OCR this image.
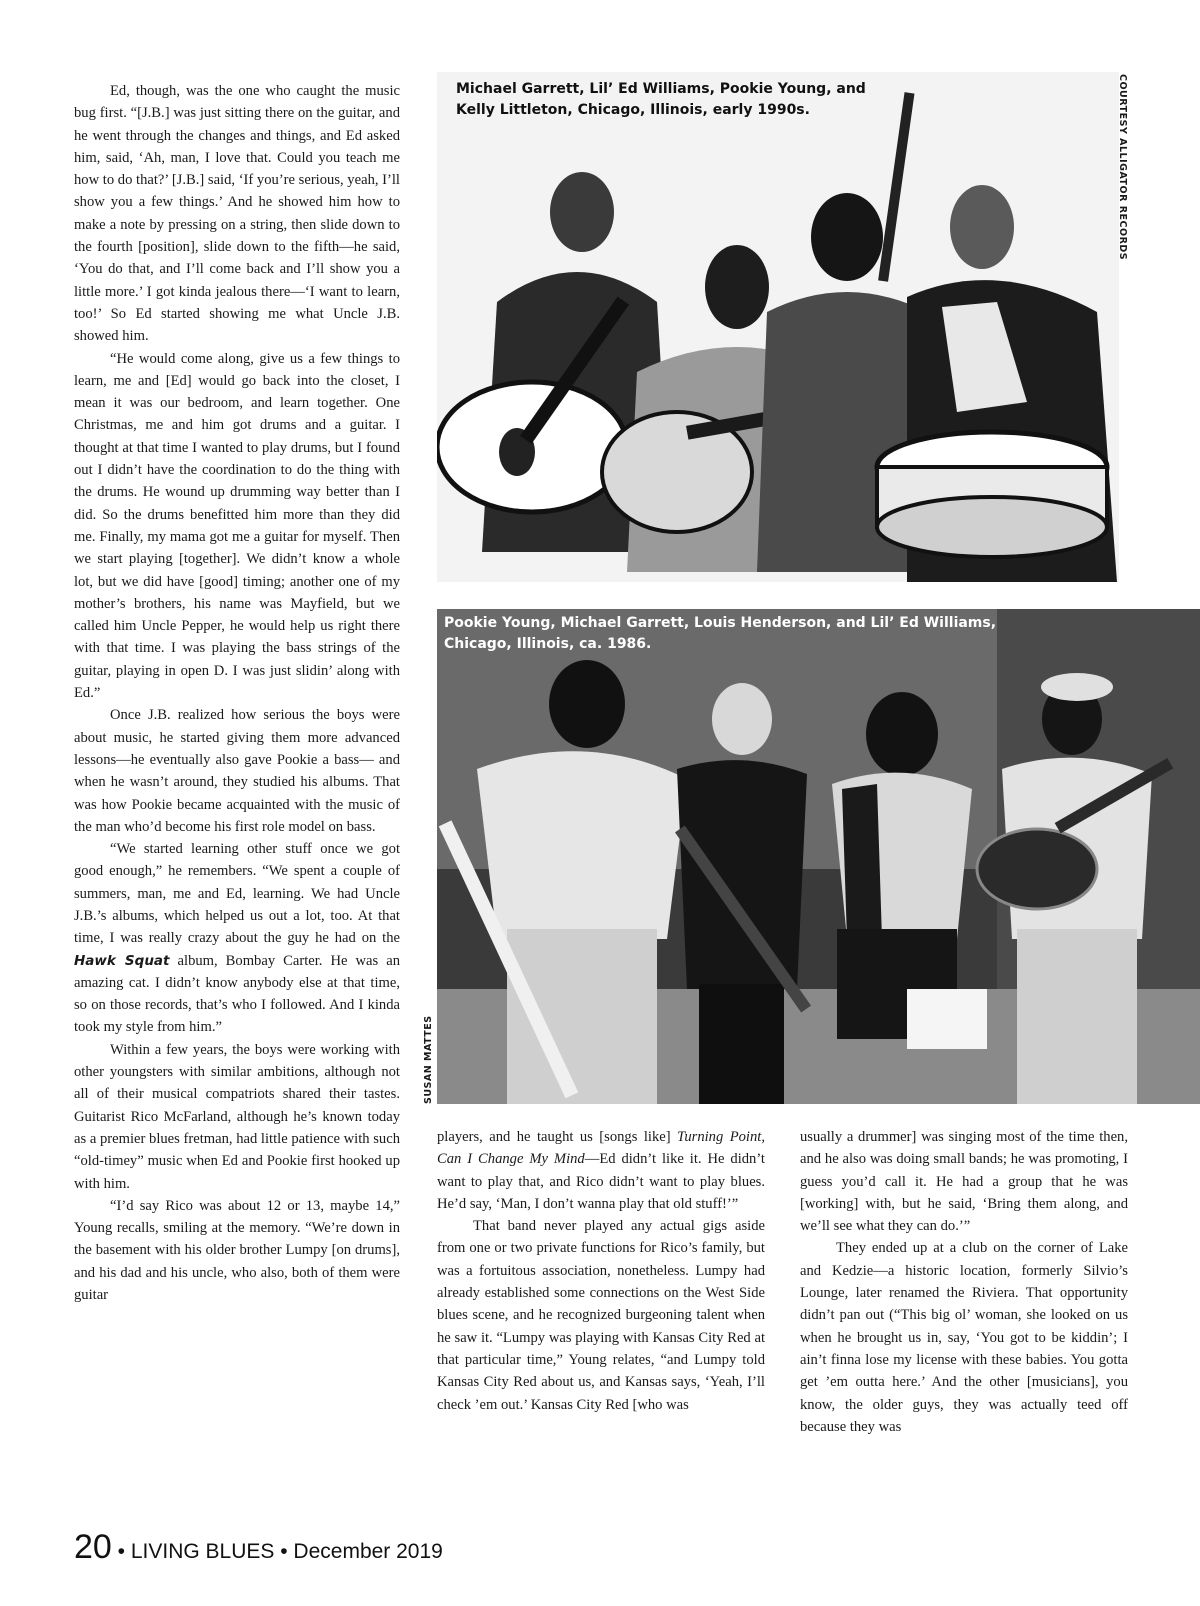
Ed, though, was the one who caught the music bug first. “[J.B.] was just sitting there on the guitar, and he went through the changes and things, and Ed asked him, said, ‘Ah, man, I love that. Could you teach me how to do that?’ [J.B.] said, ‘If you’re serious, yeah, I’ll show you a few things.’ And he showed him how to make a note by pressing on a string, then slide down to the fourth [position], slide down to the fifth—he said, ‘You do that, and I’ll come back and I’ll show you a little more.’ I got kinda jealous there—‘I want to learn, too!’ So Ed started showing me what Uncle J.B. showed him.

“He would come along, give us a few things to learn, me and [Ed] would go back into the closet, I mean it was our bedroom, and learn together. One Christmas, me and him got drums and a guitar. I thought at that time I wanted to play drums, but I found out I didn’t have the coordination to do the thing with the drums. He wound up drumming way better than I did. So the drums benefitted him more than they did me. Finally, my mama got me a guitar for myself. Then we start playing [together]. We didn’t know a whole lot, but we did have [good] timing; another one of my mother’s brothers, his name was Mayfield, but we called him Uncle Pepper, he would help us right there with that time. I was playing the bass strings of the guitar, playing in open D. I was just slidin’ along with Ed.”

Once J.B. realized how serious the boys were about music, he started giving them more advanced lessons—he eventually also gave Pookie a bass— and when he wasn’t around, they studied his albums. That was how Pookie became acquainted with the music of the man who’d become his first role model on bass.

“We started learning other stuff once we got good enough,” he remembers. “We spent a couple of summers, man, me and Ed, learning. We had Uncle J.B.’s albums, which helped us out a lot, too. At that time, I was really crazy about the guy he had on the Hawk Squat album, Bombay Carter. He was an amazing cat. I didn’t know anybody else at that time, so on those records, that’s who I followed. And I kinda took my style from him.”

Within a few years, the boys were working with other youngsters with similar ambitions, although not all of their musical compatriots shared their tastes. Guitarist Rico McFarland, although he’s known today as a premier blues fretman, had little patience with such “old-timey” music when Ed and Pookie first hooked up with him.

“I’d say Rico was about 12 or 13, maybe 14,” Young recalls, smiling at the memory. “We’re down in the basement with his older brother Lumpy [on drums], and his dad and his uncle, who also, both of them were guitar

Michael Garrett, Lil’ Ed Williams, Pookie Young, and Kelly Littleton, Chicago, Illinois, early 1990s.	COURTESY ALLIGATOR RECORDS
Pookie Young, Michael Garrett, Louis Henderson, and Lil’ Ed Williams, Chicago, Illinois, ca. 1986.
SUSAN MATTES

players, and he taught us [songs like] Turning Point, Can I Change My Mind—Ed didn’t like it. He didn’t want to play that, and Rico didn’t want to play blues. He’d say, ‘Man, I don’t wanna play that old stuff!’”

That band never played any actual gigs aside from one or two private functions for Rico’s family, but was a fortuitous association, nonetheless. Lumpy had already established some connections on the West Side blues scene, and he recognized burgeoning talent when he saw it. “Lumpy was playing with Kansas City Red at that particular time,” Young relates, “and Lumpy told Kansas City Red about us, and Kansas says, ‘Yeah, I’ll check ’em out.’ Kansas City Red [who was

usually a drummer] was singing most of the time then, and he also was doing small bands; he was promoting, I guess you’d call it. He had a group that he was [working] with, but he said, ‘Bring them along, and we’ll see what they can do.’”

They ended up at a club on the corner of Lake and Kedzie—a historic location, formerly Silvio’s Lounge, later renamed the Riviera. That opportunity didn’t pan out (“This big ol’ woman, she looked on us when he brought us in, say, ‘You got to be kiddin’; I ain’t finna lose my license with these babies. You gotta get ’em outta here.’ And the other [musicians], you know, the older guys, they was actually teed off because they was

20 • LIVING BLUES • December 2019
